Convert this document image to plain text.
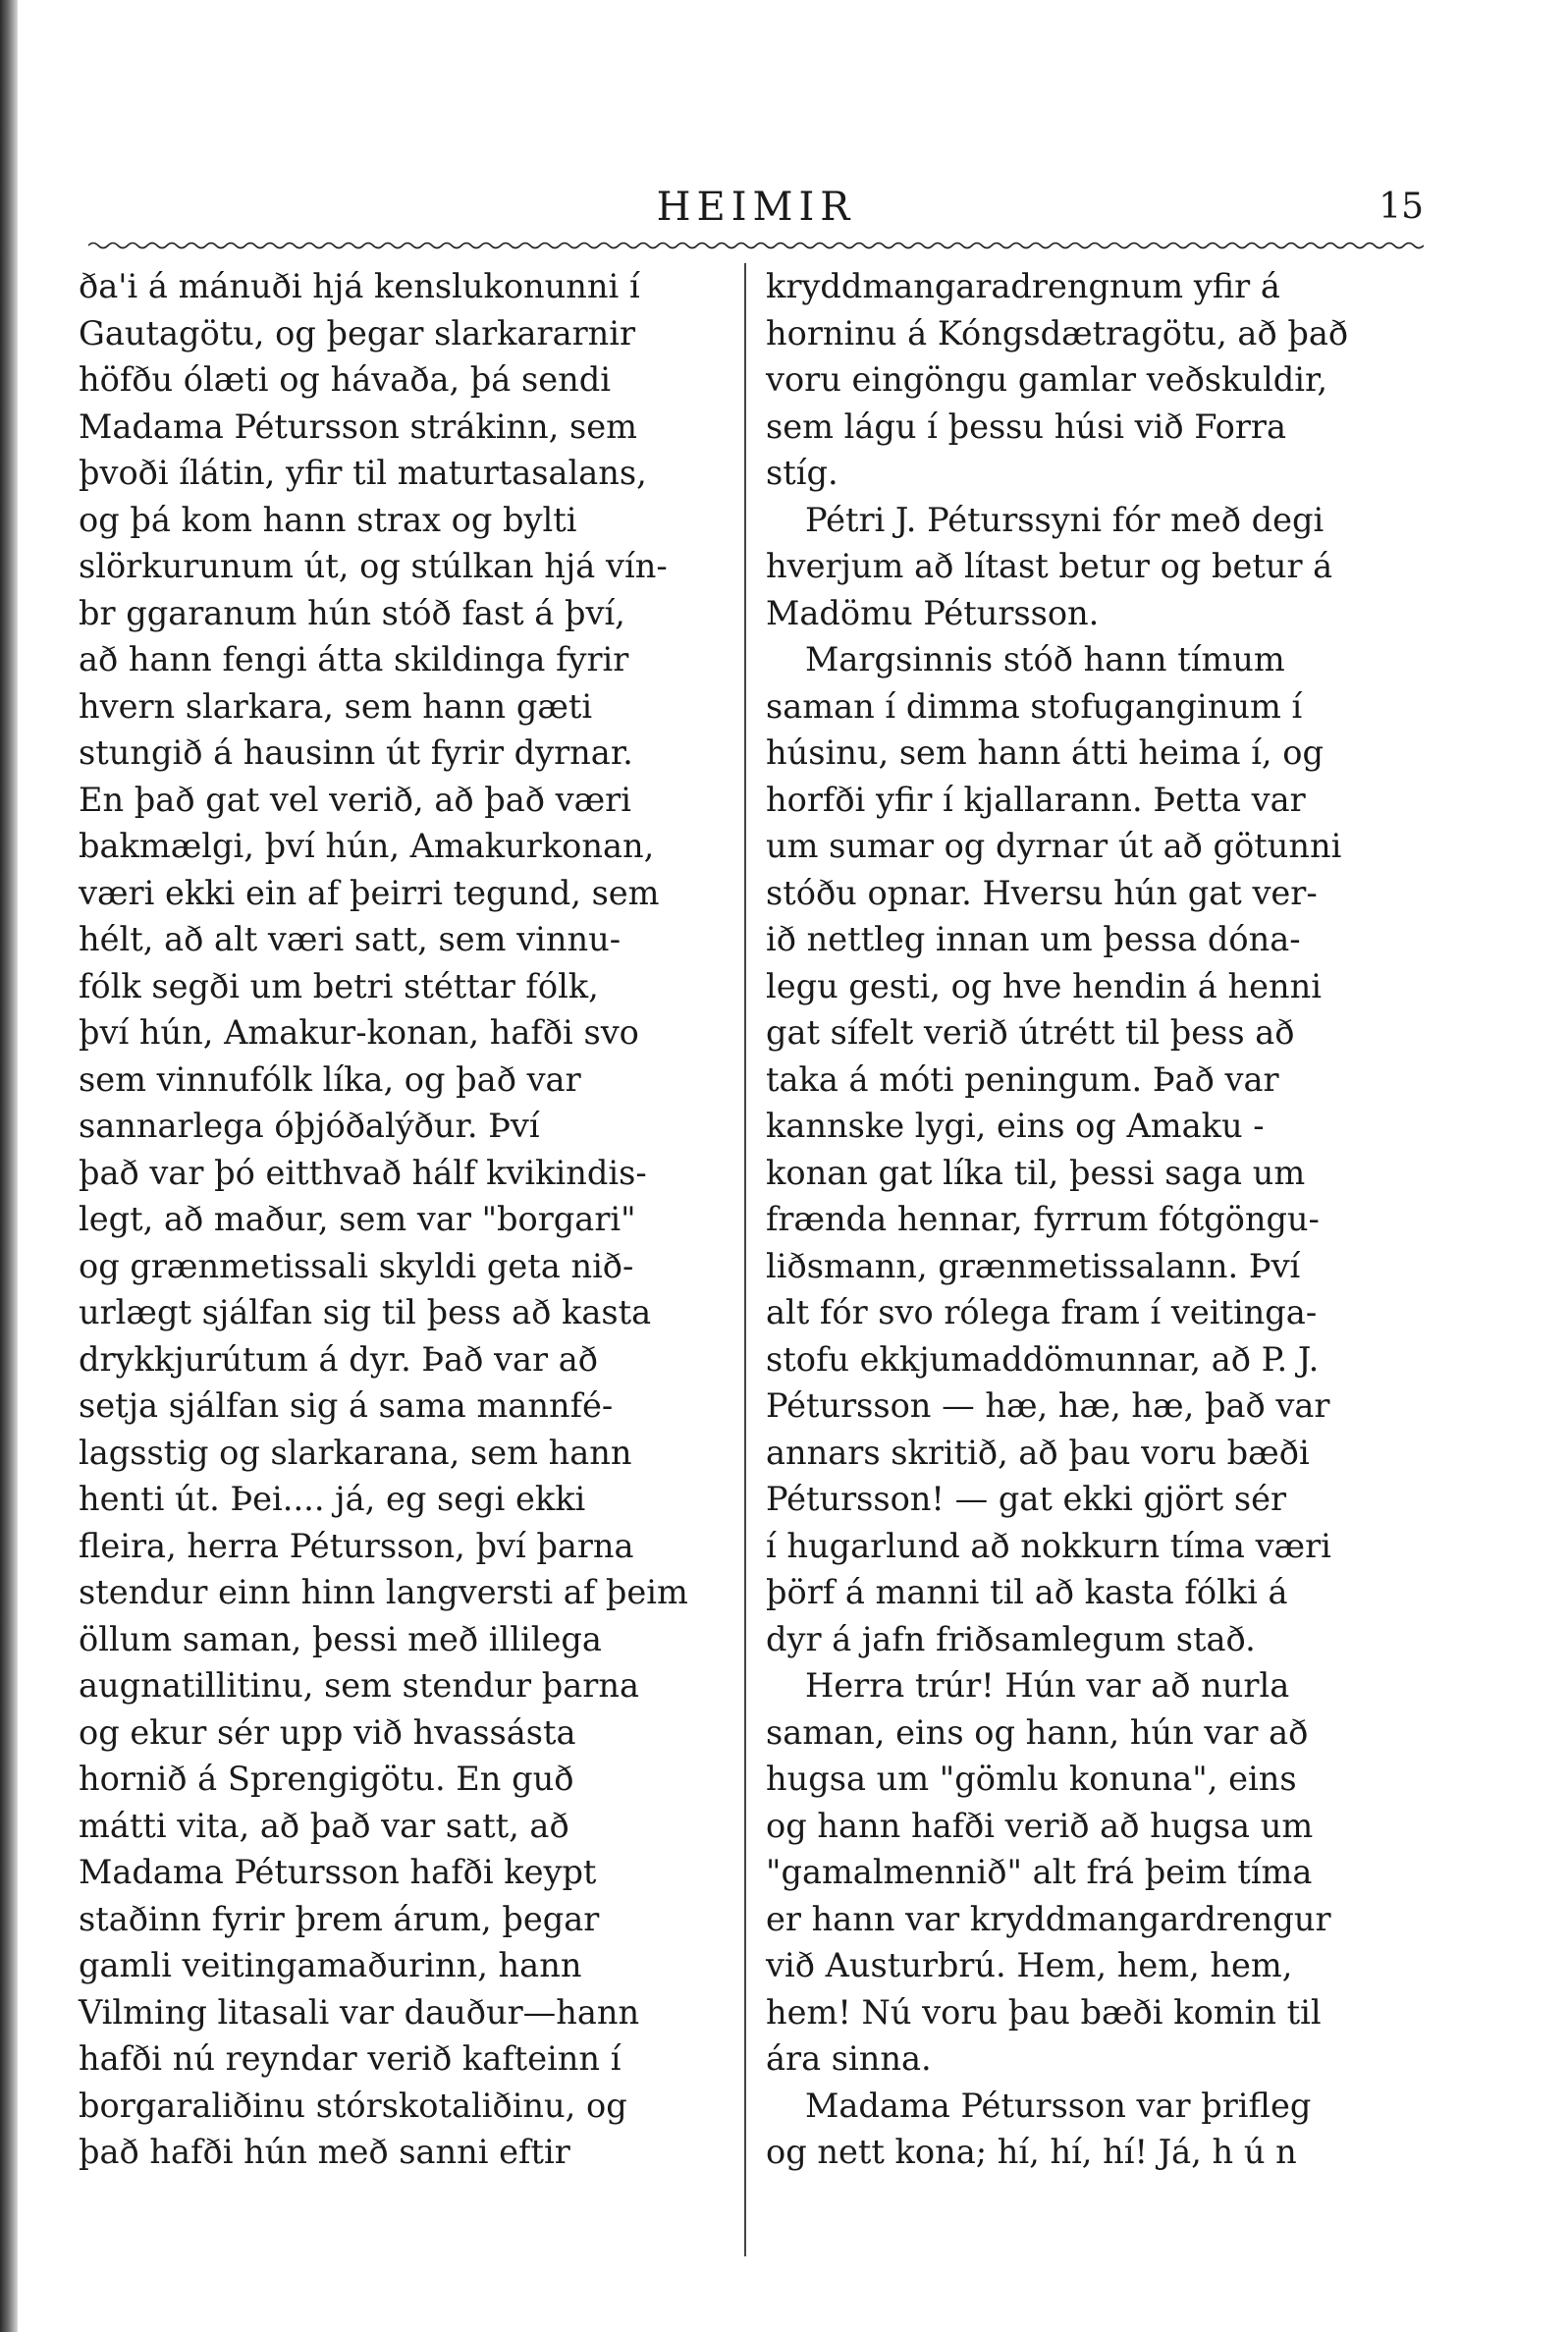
HEIMIR	15
ða'i á mánuði hjá kenslukonunni í
Gautagötu, og þegar slarkararnir
höfðu ólæti og hávaða, þá sendi
Madama Pétursson strákinn, sem
þvoði ílátin, yfir til maturtasalans,
og þá kom hann strax og bylti
slörkurunum út, og stúlkan hjá vín-
br ggaranum hún stóð fast á því,
að hann fengi átta skildinga fyrir
hvern slarkara, sem hann gæti
stungið á hausinn út fyrir dyrnar.
En það gat vel verið, að það væri
bakmælgi, því hún, Amakurkonan,
væri ekki ein af þeirri tegund, sem
hélt, að alt væri satt, sem vinnu-
fólk segði um betri stéttar fólk,
því hún, Amakur-konan, hafði svo
sem vinnufólk líka, og það var
sannarlega óþjóðalýður. Því
það var þó eitthvað hálf kvikindis-
legt, að maður, sem var "borgari"
og grænmetissali skyldi geta nið-
urlægt sjálfan sig til þess að kasta
drykkjurútum á dyr. Það var að
setja sjálfan sig á sama mannfé-
lagsstig og slarkarana, sem hann
henti út. Þei.... já, eg segi ekki
fleira, herra Pétursson, því þarna
stendur einn hinn langversti af þeim
öllum saman, þessi með illilega
augnatillitinu, sem stendur þarna
og ekur sér upp við hvassásta
hornið á Sprengigötu. En guð
mátti vita, að það var satt, að
Madama Pétursson hafði keypt
staðinn fyrir þrem árum, þegar
gamli veitingamaðurinn, hann
Vilming litasali var dauður—hann
hafði nú reyndar verið kafteinn í
borgaraliðinu stórskotaliðinu, og
það hafði hún með sanni eftir
kryddmangaradrengnum yfir á
horninu á Kóngsdætragötu, að það
voru eingöngu gamlar veðskuldir,
sem lágu í þessu húsi við Forra
stíg.
Pétri J. Péturssyni fór með degi
hverjum að lítast betur og betur á
Madömu Pétursson.
Margsinnis stóð hann tímum
saman í dimma stofuganginum í
húsinu, sem hann átti heima í, og
horfði yfir í kjallarann. Þetta var
um sumar og dyrnar út að götunni
stóðu opnar. Hversu hún gat ver-
ið nettleg innan um þessa dóna-
legu gesti, og hve hendin á henni
gat sífelt verið útrétt til þess að
taka á móti peningum. Það var
kannske lygi, eins og Amaku -
konan gat líka til, þessi saga um
frænda hennar, fyrrum fótgöngu-
liðsmann, grænmetissalann. Því
alt fór svo rólega fram í veitinga-
stofu ekkjumaddömunnar, að P. J.
Pétursson — hæ, hæ, hæ, það var
annars skritið, að þau voru bæði
Pétursson! — gat ekki gjört sér
í hugarlund að nokkurn tíma væri
þörf á manni til að kasta fólki á
dyr á jafn friðsamlegum stað.
Herra trúr! Hún var að nurla
saman, eins og hann, hún var að
hugsa um "gömlu konuna", eins
og hann hafði verið að hugsa um
"gamalmennið" alt frá þeim tíma
er hann var kryddmangardrengur
við Austurbrú. Hem, hem, hem,
hem! Nú voru þau bæði komin til
ára sinna.
Madama Pétursson var þrifleg
og nett kona; hí, hí, hí! Já, h ú n
